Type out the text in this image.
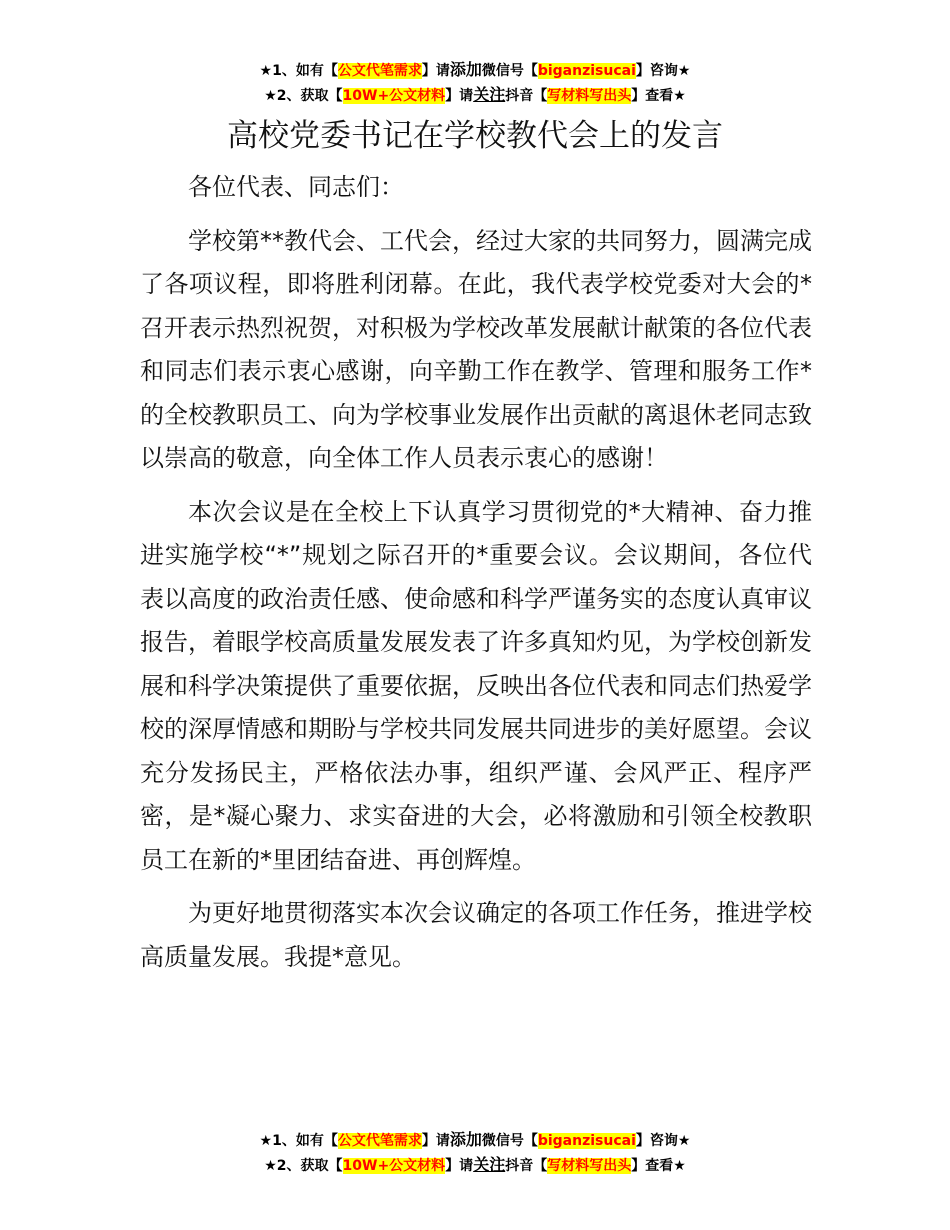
★1、如有【公文代笔需求】请添加微信号【biganzisucai】咨询★
★2、获取【10W+公文材料】请关注抖音【写材料写出头】查看★
高校党委书记在学校教代会上的发言

各位代表、同志们：

学校第**教代会、工代会，经过大家的共同努力，圆满完成了各项议程，即将胜利闭幕。在此，我代表学校党委对大会的*召开表示热烈祝贺，对积极为学校改革发展献计献策的各位代表和同志们表示衷心感谢，向辛勤工作在教学、管理和服务工作*的全校教职员工、向为学校事业发展作出贡献的离退休老同志致以崇高的敬意，向全体工作人员表示衷心的感谢！

本次会议是在全校上下认真学习贯彻党的*大精神、奋力推进实施学校“*”规划之际召开的*重要会议。会议期间，各位代表以高度的政治责任感、使命感和科学严谨务实的态度认真审议报告，着眼学校高质量发展发表了许多真知灼见，为学校创新发展和科学决策提供了重要依据，反映出各位代表和同志们热爱学校的深厚情感和期盼与学校共同发展共同进步的美好愿望。会议充分发扬民主，严格依法办事，组织严谨、会风严正、程序严密，是*凝心聚力、求实奋进的大会，必将激励和引领全校教职员工在新的*里团结奋进、再创辉煌。

为更好地贯彻落实本次会议确定的各项工作任务，推进学校高质量发展。我提*意见。

★1、如有【公文代笔需求】请添加微信号【biganzisucai】咨询★
★2、获取【10W+公文材料】请关注抖音【写材料写出头】查看★
